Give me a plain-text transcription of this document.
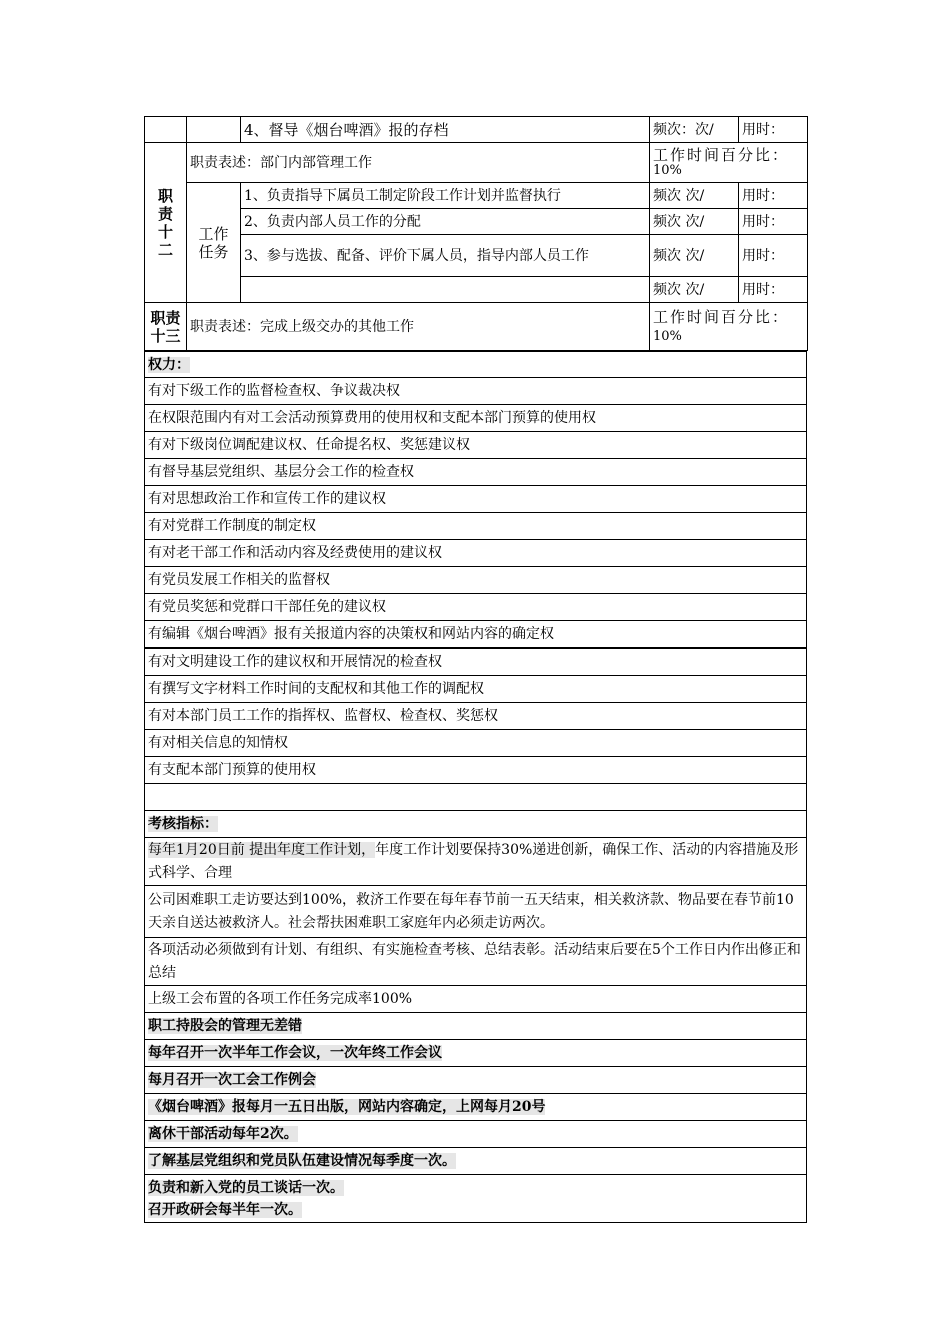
		4、督导《烟台啤酒》报的存档	频次：次/	用时：
职责十二	职责表述：部门内部管理工作		工作时间百分比：
10%	

	工作任务	1、负责指导下属员工制定阶段工作计划并监督执行	频次 次/	用时：
		2、负责内部人员工作的分配	频次 次/	用时：
		3、参与选拔、配备、评价下属人员，指导内部人员工作	频次 次/	用时：
			频次 次/	用时：
职责十三	职责表述：完成上级交办的其他工作		工作时间百分比：
10%	
权力：
有对下级工作的监督检查权、争议裁决权
在权限范围内有对工会活动预算费用的使用权和支配本部门预算的使用权
有对下级岗位调配建议权、任命提名权、奖惩建议权
有督导基层党组织、基层分会工作的检查权
有对思想政治工作和宣传工作的建议权
有对党群工作制度的制定权
有对老干部工作和活动内容及经费使用的建议权
有党员发展工作相关的监督权
有党员奖惩和党群口干部任免的建议权
有编辑《烟台啤酒》报有关报道内容的决策权和网站内容的确定权
有对文明建设工作的建议权和开展情况的检查权
有撰写文字材料工作时间的支配权和其他工作的调配权
有对本部门员工工作的指挥权、监督权、检查权、奖惩权
有对相关信息的知情权
有支配本部门预算的使用权

考核指标：
每年1月20日前 提出年度工作计划，年度工作计划要保持30%递进创新，确保工作、活动的内容措施及形式科学、合理
公司困难职工走访要达到100%，救济工作要在每年春节前一五天结束，相关救济款、物品要在春节前10天亲自送达被救济人。社会帮扶困难职工家庭年内必须走访两次。
各项活动必须做到有计划、有组织、有实施检查考核、总结表彰。活动结束后要在5个工作日内作出修正和总结
上级工会布置的各项工作任务完成率100%
职工持股会的管理无差错
每年召开一次半年工作会议，一次年终工作会议
每月召开一次工会工作例会
《烟台啤酒》报每月一五日出版，网站内容确定，上网每月20号
离休干部活动每年2次。
了解基层党组织和党员队伍建设情况每季度一次。

负责和新入党的员工谈话一次。
召开政研会每半年一次。
